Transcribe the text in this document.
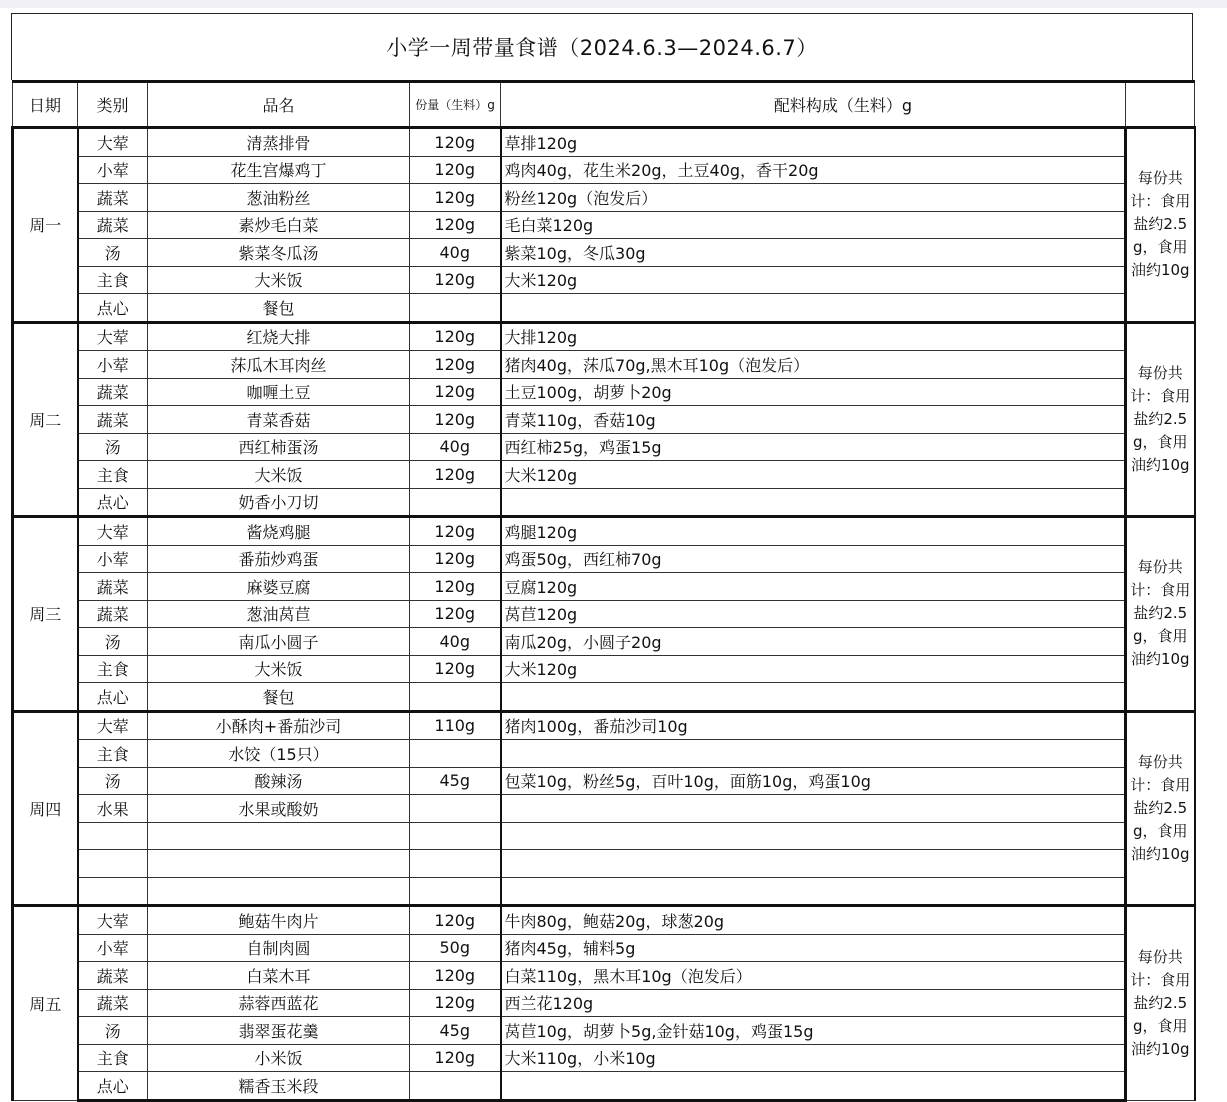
小学一周带量食谱（2024.6.3—2024.6.7）
日期	类别	品名	份量（生料）g	配料构成（生料）g	
周一	大荤	清蒸排骨	120g	草排120g	每份共计：食用盐约2.5g，食用油约10g
	小荤	花生宫爆鸡丁	120g	鸡肉40g，花生米20g，土豆40g，香干20g	
	蔬菜	葱油粉丝	120g	粉丝120g（泡发后）	
	蔬菜	素炒毛白菜	120g	毛白菜120g	
	汤	紫菜冬瓜汤	40g	紫菜10g，冬瓜30g	
	主食	大米饭	120g	大米120g	
	点心	餐包			
周二	大荤	红烧大排	120g	大排120g	每份共计：食用盐约2.5g，食用油约10g
	小荤	莯瓜木耳肉丝	120g	猪肉40g，莯瓜70g,黑木耳10g（泡发后）	
	蔬菜	咖喱土豆	120g	土豆100g，胡萝卜20g	
	蔬菜	青菜香菇	120g	青菜110g，香菇10g	
	汤	西红柿蛋汤	40g	西红柿25g，鸡蛋15g	
	主食	大米饭	120g	大米120g	
	点心	奶香小刀切			
周三	大荤	酱烧鸡腿	120g	鸡腿120g	每份共计：食用盐约2.5g，食用油约10g
	小荤	番茄炒鸡蛋	120g	鸡蛋50g，西红柿70g	
	蔬菜	麻婆豆腐	120g	豆腐120g	
	蔬菜	葱油莴苣	120g	莴苣120g	
	汤	南瓜小圆子	40g	南瓜20g，小圆子20g	
	主食	大米饭	120g	大米120g	
	点心	餐包			
周四	大荤	小酥肉+番茄沙司	110g	猪肉100g，番茄沙司10g	每份共计：食用盐约2.5g，食用油约10g
	主食	水饺（15只）			
	汤	酸辣汤	45g	包菜10g，粉丝5g，百叶10g，面筋10g，鸡蛋10g	
	水果	水果或酸奶			

周五	大荤	鲍菇牛肉片	120g	牛肉80g，鲍菇20g，球葱20g	每份共计：食用盐约2.5g，食用油约10g
	小荤	自制肉圆	50g	猪肉45g，辅料5g	
	蔬菜	白菜木耳	120g	白菜110g，黑木耳10g（泡发后）	
	蔬菜	蒜蓉西蓝花	120g	西兰花120g	
	汤	翡翠蛋花羹	45g	莴苣10g，胡萝卜5g,金针菇10g，鸡蛋15g	
	主食	小米饭	120g	大米110g，小米10g	
	点心	糯香玉米段			
